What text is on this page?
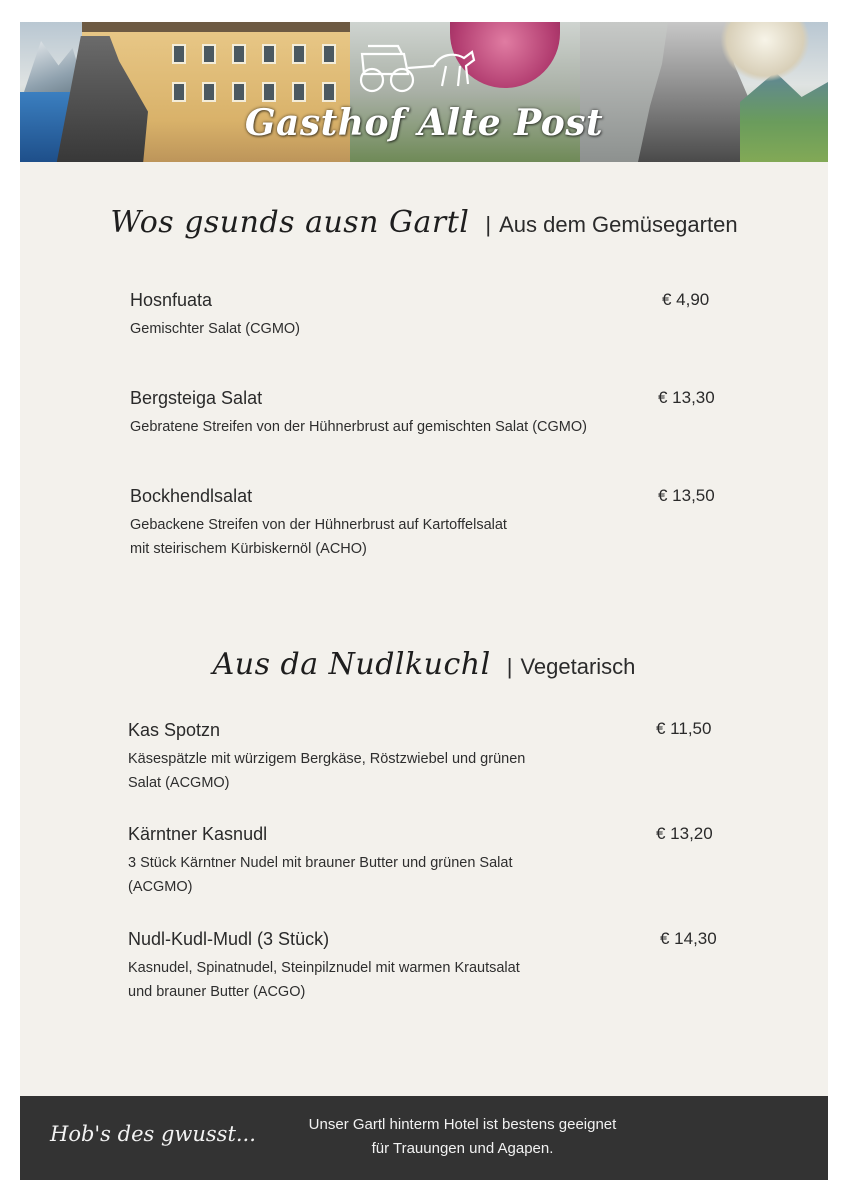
Gasthof Alte Post
Wos gsunds ausn Gartl | Aus dem Gemüsegarten
Hosnfuata
Gemischter Salat (CGMO)
€ 4,90
Bergsteiga Salat
Gebratene Streifen von der Hühnerbrust auf gemischten Salat (CGMO)
€ 13,30
Bockhendlsalat
Gebackene Streifen von der Hühnerbrust auf Kartoffelsalat
mit steirischem Kürbiskernöl (ACHO)
€ 13,50
Aus da Nudlkuchl | Vegetarisch
Kas Spotzn
Käsespätzle mit würzigem Bergkäse, Röstzwiebel und grünen
Salat (ACGMO)
€ 11,50
Kärntner Kasnudl
3 Stück Kärntner Nudel mit brauner Butter und grünen Salat
(ACGMO)
€ 13,20
Nudl-Kudl-Mudl (3 Stück)
Kasnudel, Spinatnudel, Steinpilznudel mit warmen Krautsalat
und brauner Butter (ACGO)
€ 14,30
Hob's des gwusst...	Unser Gartl hinterm Hotel ist bestens geeignet
für Trauungen und Agapen.
